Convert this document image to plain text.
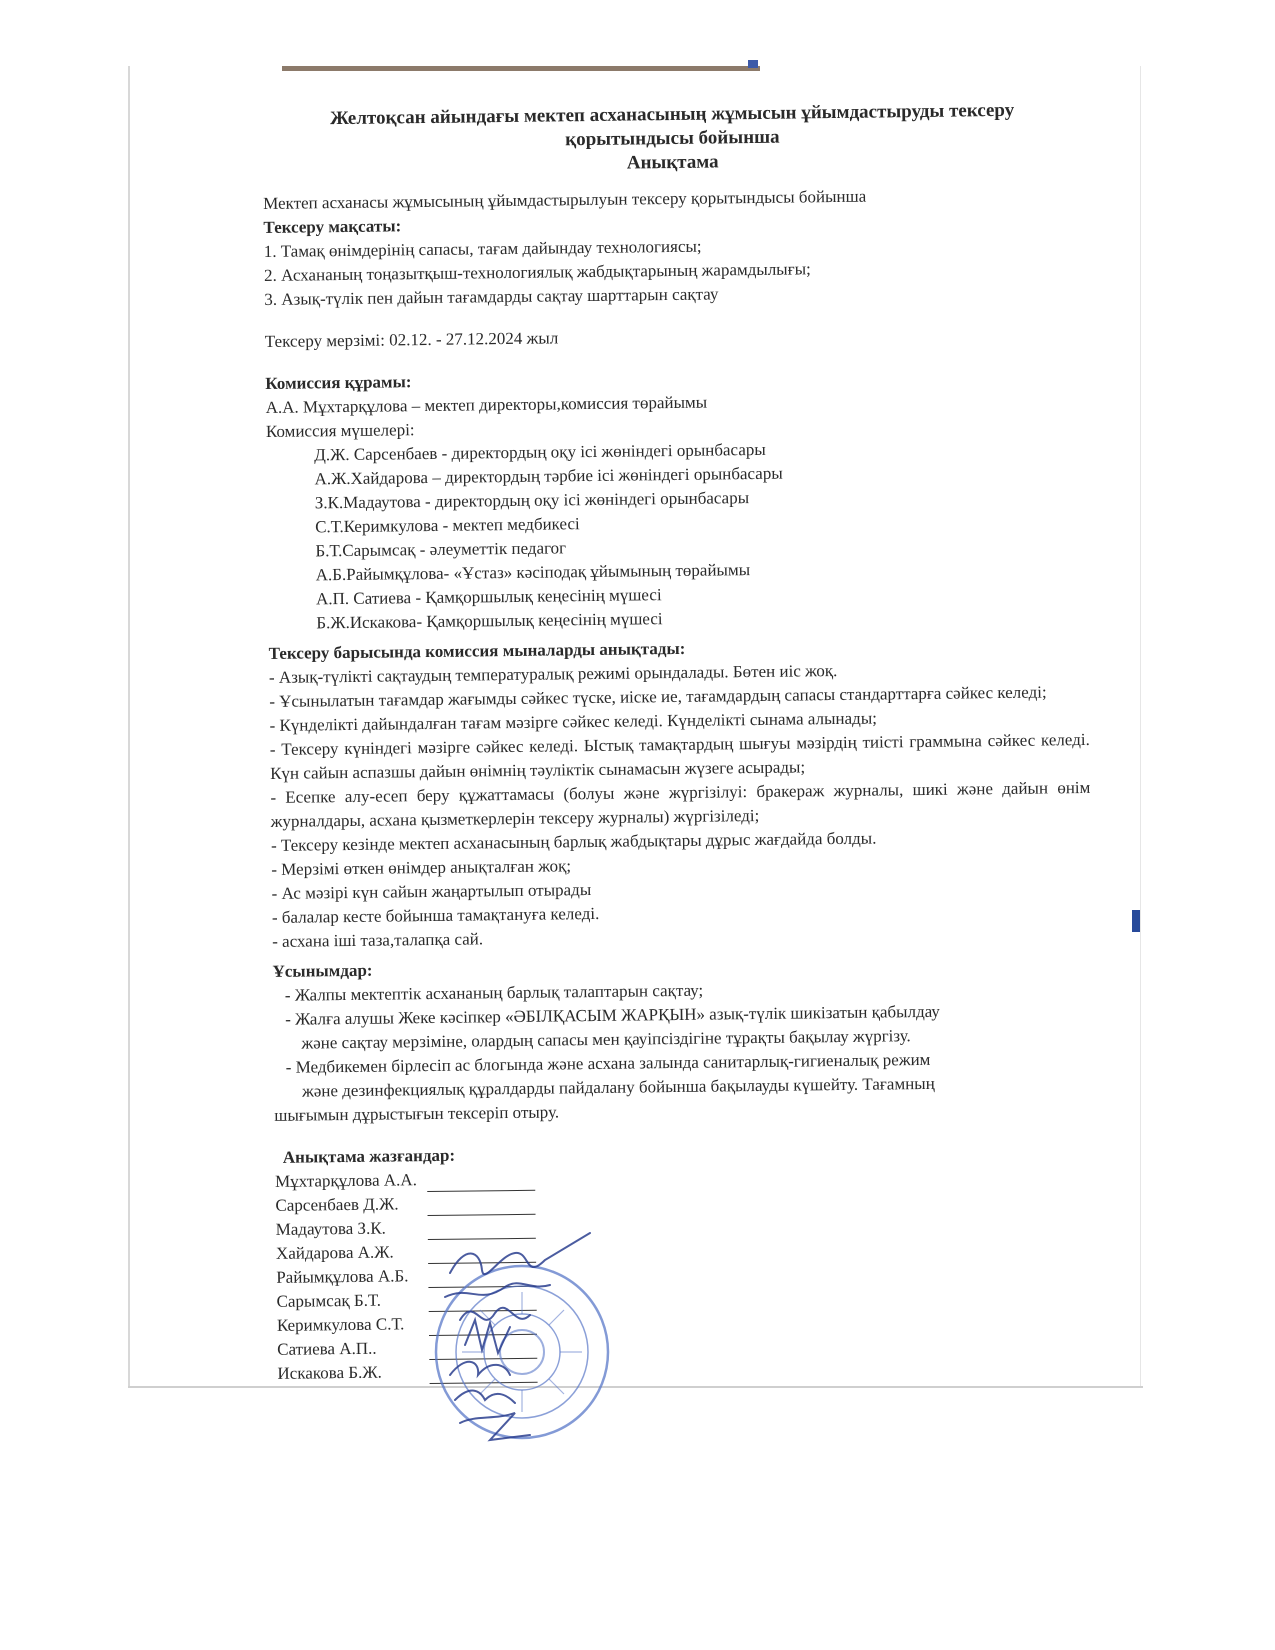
Желтоқсан айындағы мектеп асханасының жұмысын ұйымдастыруды тексеру
қорытындысы бойынша
Анықтама

Мектеп асханасы жұмысының ұйымдастырылуын тексеру қорытындысы бойынша

Тексеру мақсаты:

1. Тамақ өнімдерінің сапасы, тағам дайындау технологиясы;

2. Асхананың тоңазытқыш-технологиялық жабдықтарының жарамдылығы;

3. Азық-түлік пен дайын тағамдарды сақтау шарттарын сақтау

Тексеру мерзімі: 02.12. - 27.12.2024 жыл

Комиссия құрамы:

А.А. Мұхтарқұлова – мектеп директоры,комиссия төрайымы

Комиссия мүшелері:

Д.Ж. Сарсенбаев - директордың оқу ісі жөніндегі орынбасары

А.Ж.Хайдарова – директордың тәрбие ісі жөніндегі орынбасары

З.К.Мадаутова - директордың оқу ісі жөніндегі орынбасары

С.Т.Керимкулова - мектеп медбикесі

Б.Т.Сарымсақ - әлеуметтік педагог

А.Б.Райымқұлова- «Ұстаз» кәсіподақ ұйымының төрайымы

А.П. Сатиева - Қамқоршылық кеңесінің мүшесі

Б.Ж.Искакова- Қамқоршылық кеңесінің мүшесі

Тексеру барысында комиссия мыналарды анықтады:

- Азық-түлікті сақтаудың температуралық режимі орындалады. Бөтен иіс жоқ.

- Ұсынылатын тағамдар жағымды сәйкес түске, иіске ие, тағамдардың сапасы стандарттарға сәйкес келеді;

- Күнделікті дайындалған тағам мәзірге сәйкес келеді. Күнделікті сынама алынады;

- Тексеру күніндегі мәзірге сәйкес келеді. Ыстық тамақтардың шығуы мәзірдің тиісті граммына сәйкес келеді. Күн сайын аспазшы дайын өнімнің тәуліктік сынамасын жүзеге асырады;

- Есепке алу-есеп беру құжаттамасы (болуы және жүргізілуі: бракераж журналы, шикі және дайын өнім журналдары, асхана қызметкерлерін тексеру журналы) жүргізіледі;

- Тексеру кезінде мектеп асханасының барлық жабдықтары дұрыс жағдайда болды.

- Мерзімі өткен өнімдер анықталған жоқ;

- Ас мәзірі күн сайын жаңартылып отырады

- балалар кесте бойынша тамақтануға келеді.

- асхана іші таза,талапқа сай.

Ұсынымдар:

- Жалпы мектептік асхананың барлық талаптарын сақтау;

- Жалға алушы Жеке кәсіпкер «ӘБІЛҚАСЫМ ЖАРҚЫН» азық-түлік шикізатын қабылдау

және сақтау мерзіміне, олардың сапасы мен қауіпсіздігіне тұрақты бақылау жүргізу.

- Медбикемен бірлесіп ас блогында және асхана залында санитарлық-гигиеналық режим

және дезинфекциялық құралдарды пайдалану бойынша бақылауды күшейту. Тағамның

шығымын дұрыстығын тексеріп отыру.

Анықтама жазғандар:

Мұхтарқұлова А.А.
Сарсенбаев Д.Ж.
Мадаутова З.К.
Хайдарова А.Ж.
Райымқұлова А.Б.
Сарымсақ Б.Т.
Керимкулова С.Т.
Сатиева А.П..
Искакова Б.Ж.
